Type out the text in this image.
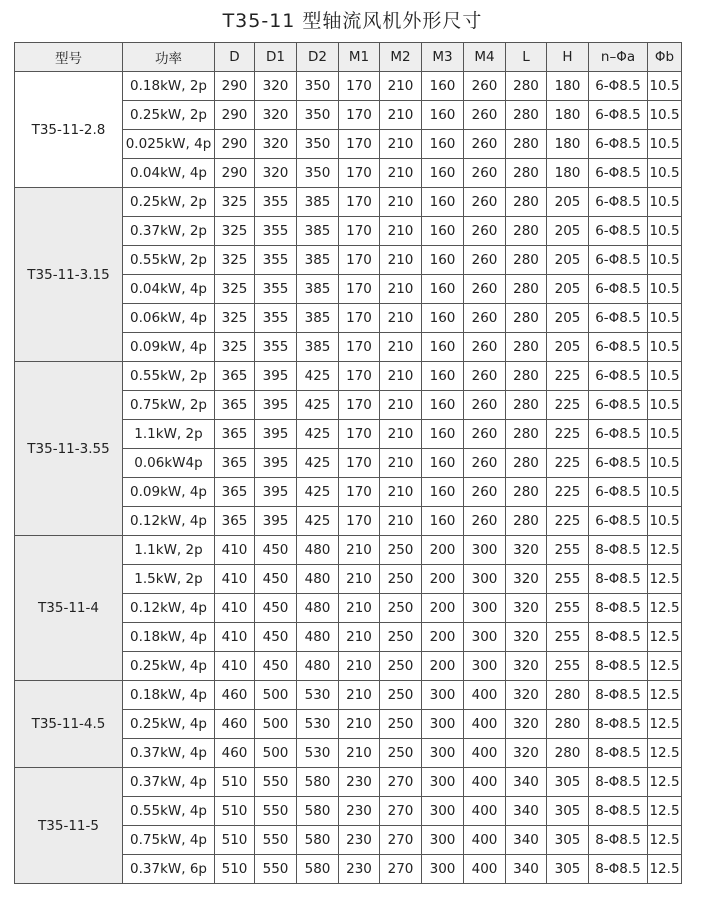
T35-11 型轴流风机外形尺寸
型号	功率	D	D1	D2	M1	M2	M3	M4	L	H	n–Φa	Φb
T35-11-2.8	0.18kW, 2p	290	320	350	170	210	160	260	280	180	6-Φ8.5	10.5
	0.25kW, 2p	290	320	350	170	210	160	260	280	180	6-Φ8.5	10.5
	0.025kW, 4p	290	320	350	170	210	160	260	280	180	6-Φ8.5	10.5
	0.04kW, 4p	290	320	350	170	210	160	260	280	180	6-Φ8.5	10.5
T35-11-3.15	0.25kW, 2p	325	355	385	170	210	160	260	280	205	6-Φ8.5	10.5
	0.37kW, 2p	325	355	385	170	210	160	260	280	205	6-Φ8.5	10.5
	0.55kW, 2p	325	355	385	170	210	160	260	280	205	6-Φ8.5	10.5
	0.04kW, 4p	325	355	385	170	210	160	260	280	205	6-Φ8.5	10.5
	0.06kW, 4p	325	355	385	170	210	160	260	280	205	6-Φ8.5	10.5
	0.09kW, 4p	325	355	385	170	210	160	260	280	205	6-Φ8.5	10.5
T35-11-3.55	0.55kW, 2p	365	395	425	170	210	160	260	280	225	6-Φ8.5	10.5
	0.75kW, 2p	365	395	425	170	210	160	260	280	225	6-Φ8.5	10.5
	1.1kW, 2p	365	395	425	170	210	160	260	280	225	6-Φ8.5	10.5
	0.06kW4p	365	395	425	170	210	160	260	280	225	6-Φ8.5	10.5
	0.09kW, 4p	365	395	425	170	210	160	260	280	225	6-Φ8.5	10.5
	0.12kW, 4p	365	395	425	170	210	160	260	280	225	6-Φ8.5	10.5
T35-11-4	1.1kW, 2p	410	450	480	210	250	200	300	320	255	8-Φ8.5	12.5
	1.5kW, 2p	410	450	480	210	250	200	300	320	255	8-Φ8.5	12.5
	0.12kW, 4p	410	450	480	210	250	200	300	320	255	8-Φ8.5	12.5
	0.18kW, 4p	410	450	480	210	250	200	300	320	255	8-Φ8.5	12.5
	0.25kW, 4p	410	450	480	210	250	200	300	320	255	8-Φ8.5	12.5
T35-11-4.5	0.18kW, 4p	460	500	530	210	250	300	400	320	280	8-Φ8.5	12.5
	0.25kW, 4p	460	500	530	210	250	300	400	320	280	8-Φ8.5	12.5
	0.37kW, 4p	460	500	530	210	250	300	400	320	280	8-Φ8.5	12.5
T35-11-5	0.37kW, 4p	510	550	580	230	270	300	400	340	305	8-Φ8.5	12.5
	0.55kW, 4p	510	550	580	230	270	300	400	340	305	8-Φ8.5	12.5
	0.75kW, 4p	510	550	580	230	270	300	400	340	305	8-Φ8.5	12.5
	0.37kW, 6p	510	550	580	230	270	300	400	340	305	8-Φ8.5	12.5
